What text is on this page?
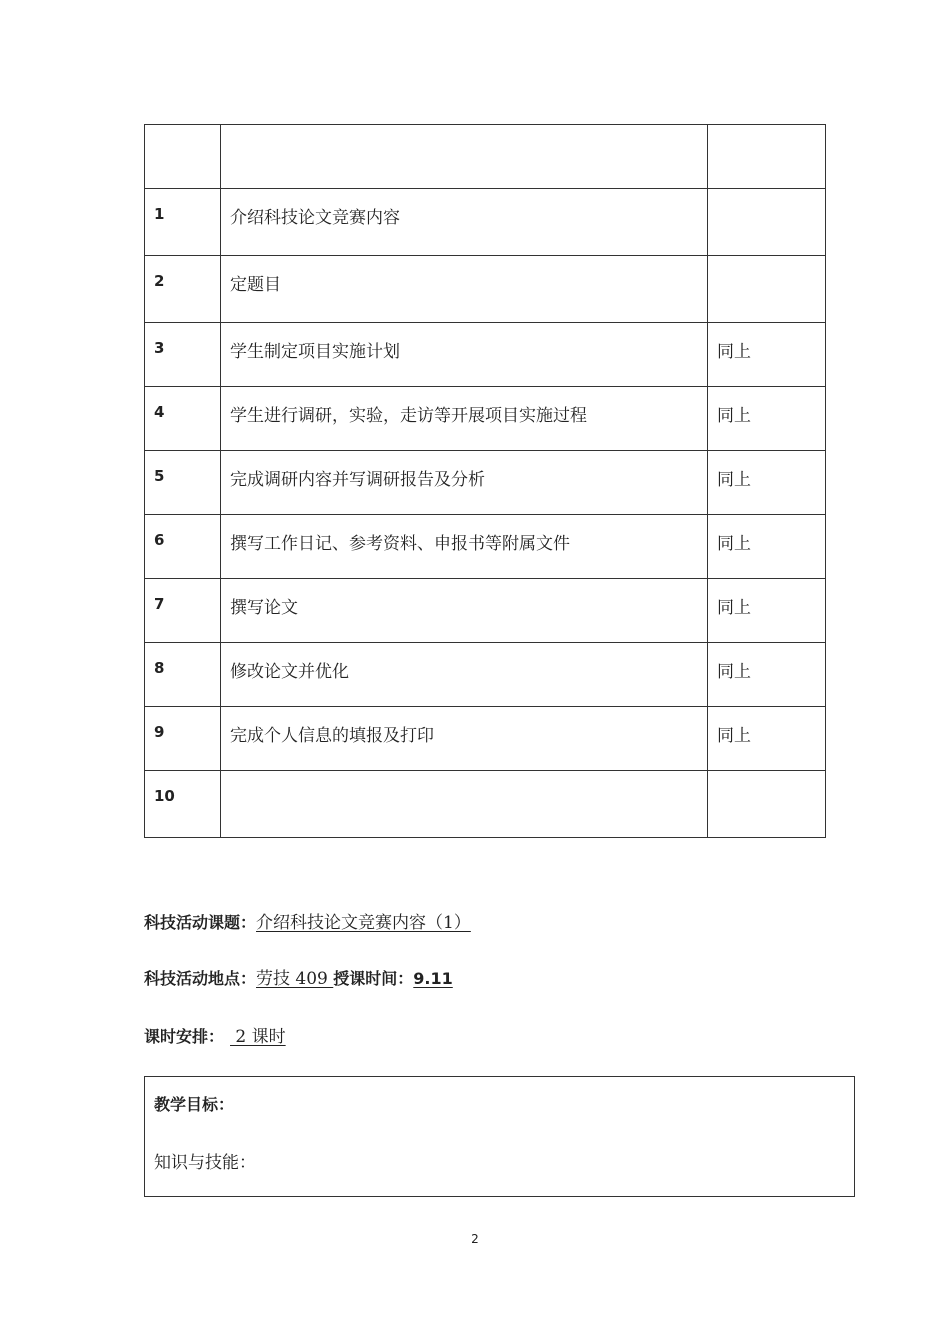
1	介绍科技论文竞赛内容	
2	定题目	
3	学生制定项目实施计划	同上
4	学生进行调研，实验，走访等开展项目实施过程	同上
5	完成调研内容并写调研报告及分析	同上
6	撰写工作日记、参考资料、申报书等附属文件	同上
7	撰写论文	同上
8	修改论文并优化	同上
9	完成个人信息的填报及打印	同上
10		
科技活动课题：介绍科技论文竞赛内容（1）
科技活动地点：劳技 409 授课时间：9.11
课时安排： 2 课时
教学目标：
知识与技能：
2
